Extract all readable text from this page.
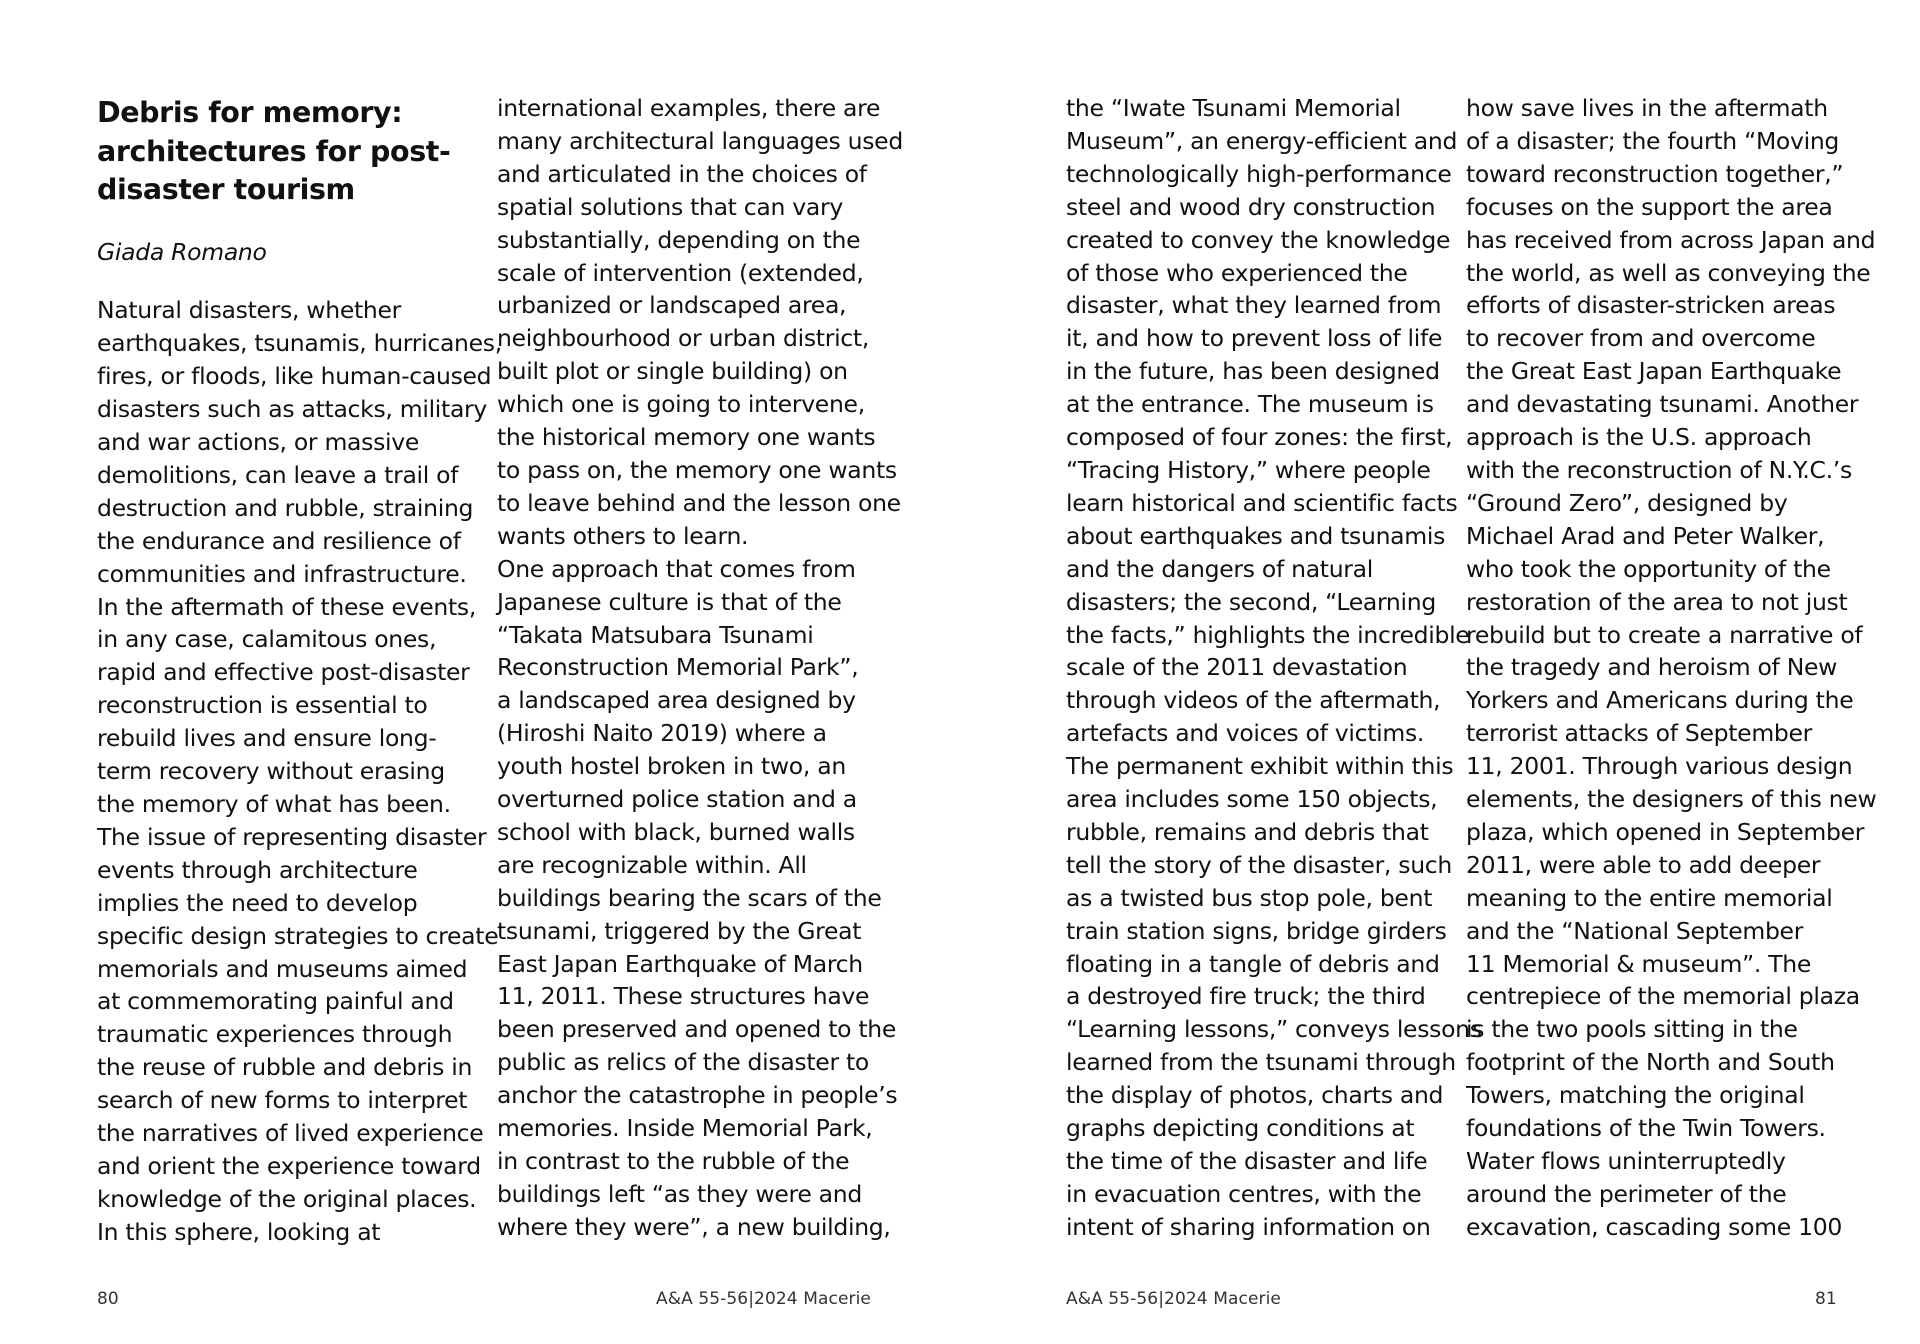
Debris for memory:
architectures for post-
disaster tourism
Giada Romano
Natural disasters, whether
earthquakes, tsunamis, hurricanes,
fires, or floods, like human-caused
disasters such as attacks, military
and war actions, or massive
demolitions, can leave a trail of
destruction and rubble, straining
the endurance and resilience of
communities and infrastructure.
In the aftermath of these events,
in any case, calamitous ones,
rapid and effective post-disaster
reconstruction is essential to
rebuild lives and ensure long-
term recovery without erasing
the memory of what has been.
The issue of representing disaster
events through architecture
implies the need to develop
specific design strategies to create
memorials and museums aimed
at commemorating painful and
traumatic experiences through
the reuse of rubble and debris in
search of new forms to interpret
the narratives of lived experience
and orient the experience toward
knowledge of the original places.
In this sphere, looking at
international examples, there are
many architectural languages used
and articulated in the choices of
spatial solutions that can vary
substantially, depending on the
scale of intervention (extended,
urbanized or landscaped area,
neighbourhood or urban district,
built plot or single building) on
which one is going to intervene,
the historical memory one wants
to pass on, the memory one wants
to leave behind and the lesson one
wants others to learn.
One approach that comes from
Japanese culture is that of the
“Takata Matsubara Tsunami
Reconstruction Memorial Park”,
a landscaped area designed by
(Hiroshi Naito 2019) where a
youth hostel broken in two, an
overturned police station and a
school with black, burned walls
are recognizable within. All
buildings bearing the scars of the
tsunami, triggered by the Great
East Japan Earthquake of March
11, 2011. These structures have
been preserved and opened to the
public as relics of the disaster to
anchor the catastrophe in people’s
memories. Inside Memorial Park,
in contrast to the rubble of the
buildings left “as they were and
where they were”, a new building,
the “Iwate Tsunami Memorial
Museum”, an energy-efficient and
technologically high-performance
steel and wood dry construction
created to convey the knowledge
of those who experienced the
disaster, what they learned from
it, and how to prevent loss of life
in the future, has been designed
at the entrance. The museum is
composed of four zones: the first,
“Tracing History,” where people
learn historical and scientific facts
about earthquakes and tsunamis
and the dangers of natural
disasters; the second, “Learning
the facts,” highlights the incredible
scale of the 2011 devastation
through videos of the aftermath,
artefacts and voices of victims.
The permanent exhibit within this
area includes some 150 objects,
rubble, remains and debris that
tell the story of the disaster, such
as a twisted bus stop pole, bent
train station signs, bridge girders
floating in a tangle of debris and
a destroyed fire truck; the third
“Learning lessons,” conveys lessons
learned from the tsunami through
the display of photos, charts and
graphs depicting conditions at
the time of the disaster and life
in evacuation centres, with the
intent of sharing information on
how save lives in the aftermath
of a disaster; the fourth “Moving
toward reconstruction together,”
focuses on the support the area
has received from across Japan and
the world, as well as conveying the
efforts of disaster-stricken areas
to recover from and overcome
the Great East Japan Earthquake
and devastating tsunami. Another
approach is the U.S. approach
with the reconstruction of N.Y.C.’s
“Ground Zero”, designed by
Michael Arad and Peter Walker,
who took the opportunity of the
restoration of the area to not just
rebuild but to create a narrative of
the tragedy and heroism of New
Yorkers and Americans during the
terrorist attacks of September
11, 2001. Through various design
elements, the designers of this new
plaza, which opened in September
2011, were able to add deeper
meaning to the entire memorial
and the “National September
11 Memorial & museum”. The
centrepiece of the memorial plaza
is the two pools sitting in the
footprint of the North and South
Towers, matching the original
foundations of the Twin Towers.
Water flows uninterruptedly
around the perimeter of the
excavation, cascading some 100
80	A&A 55-56|2024 Macerie	A&A 55-56|2024 Macerie	81
